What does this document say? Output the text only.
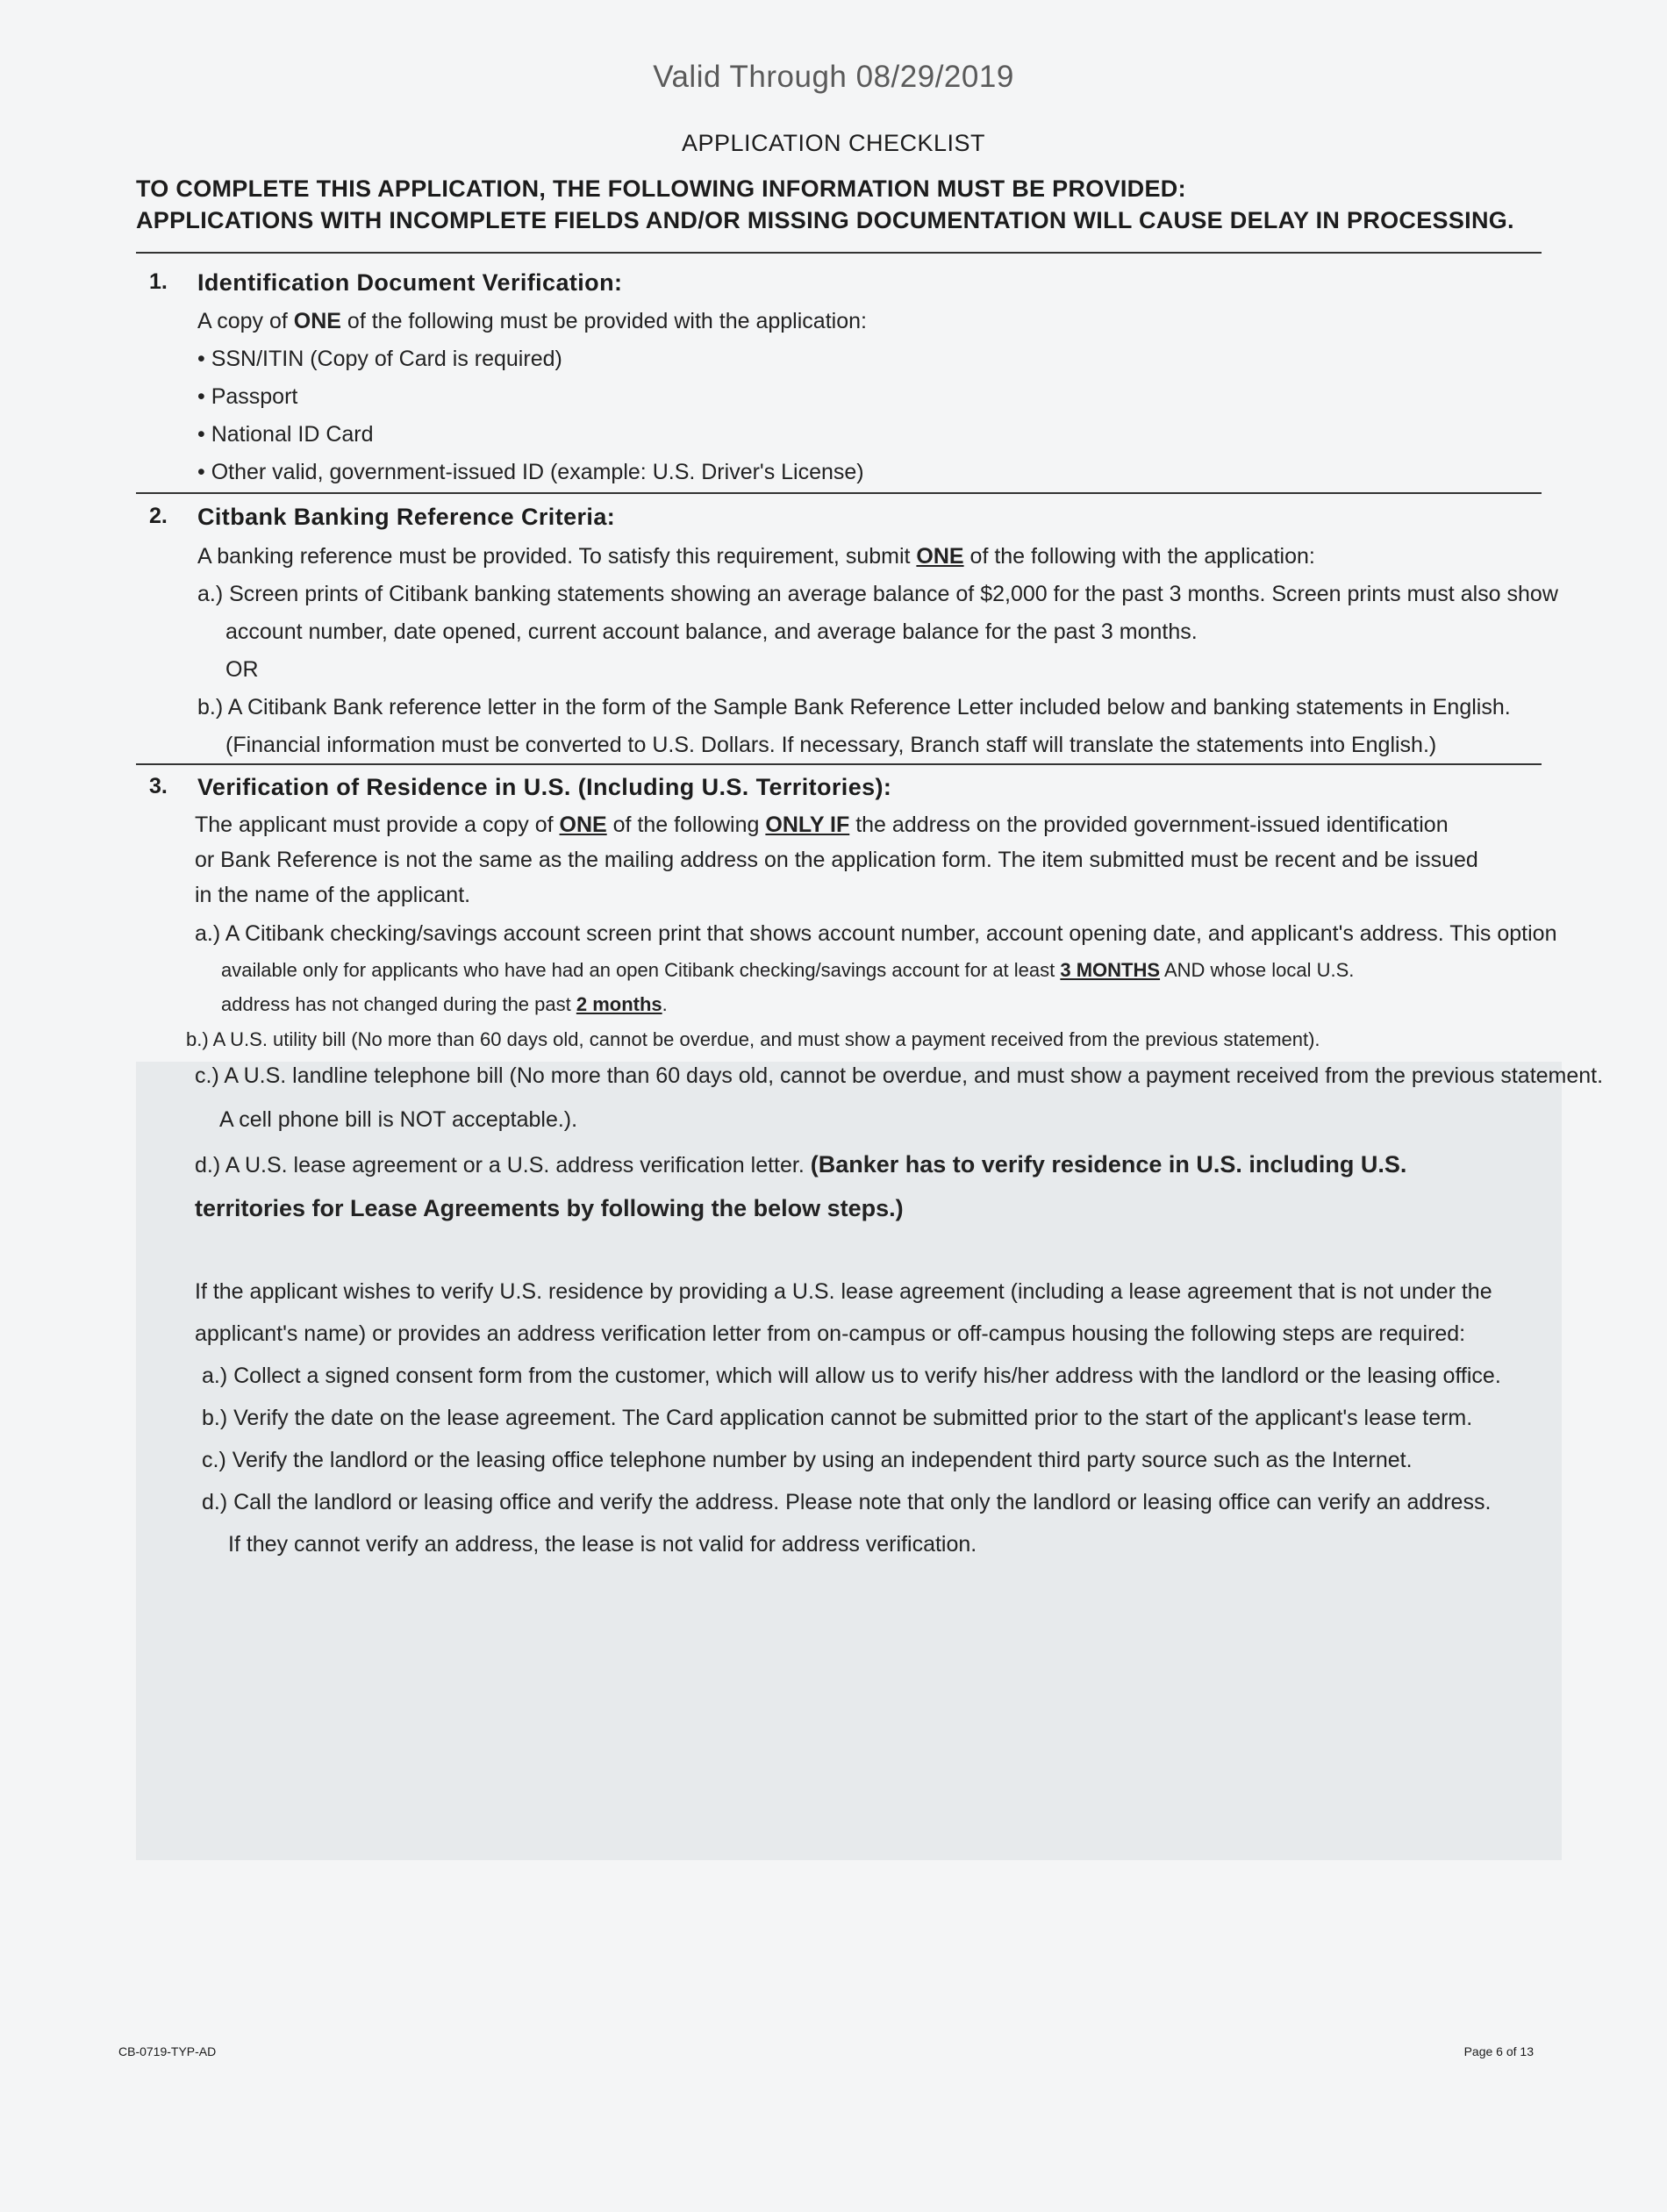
Valid Through 08/29/2019
APPLICATION CHECKLIST
TO COMPLETE THIS APPLICATION, THE FOLLOWING INFORMATION MUST BE PROVIDED:
APPLICATIONS WITH INCOMPLETE FIELDS AND/OR MISSING DOCUMENTATION WILL CAUSE DELAY IN PROCESSING.
1. Identification Document Verification:
A copy of ONE of the following must be provided with the application:
• SSN/ITIN (Copy of Card is required)
• Passport
• National ID Card
• Other valid, government-issued ID (example: U.S. Driver's License)
2. Citbank Banking Reference Criteria:
A banking reference must be provided. To satisfy this requirement, submit ONE of the following with the application:
a.) Screen prints of Citibank banking statements showing an average balance of $2,000 for the past 3 months. Screen prints must also show
account number, date opened, current account balance, and average balance for the past 3 months.
OR
b.) A Citibank Bank reference letter in the form of the Sample Bank Reference Letter included below and banking statements in English.
(Financial information must be converted to U.S. Dollars. If necessary, Branch staff will translate the statements into English.)
3. Verification of Residence in U.S. (Including U.S. Territories):
The applicant must provide a copy of ONE of the following ONLY IF the address on the provided government-issued identification
or Bank Reference is not the same as the mailing address on the application form. The item submitted must be recent and be issued
in the name of the applicant.
a.) A Citibank checking/savings account screen print that shows account number, account opening date, and applicant's address. This option
available only for applicants who have had an open Citibank checking/savings account for at least 3 MONTHS AND whose local U.S.
address has not changed during the past 2 months.
b.) A U.S. utility bill (No more than 60 days old, cannot be overdue, and must show a payment received from the previous statement).
c.) A U.S. landline telephone bill (No more than 60 days old, cannot be overdue, and must show a payment received from the previous statement.
A cell phone bill is NOT acceptable.).
d.) A U.S. lease agreement or a U.S. address verification letter. (Banker has to verify residence in U.S. including U.S.
territories for Lease Agreements by following the below steps.)
If the applicant wishes to verify U.S. residence by providing a U.S. lease agreement (including a lease agreement that is not under the
applicant's name) or provides an address verification letter from on-campus or off-campus housing the following steps are required:
a.) Collect a signed consent form from the customer, which will allow us to verify his/her address with the landlord or the leasing office.
b.) Verify the date on the lease agreement. The Card application cannot be submitted prior to the start of the applicant's lease term.
c.) Verify the landlord or the leasing office telephone number by using an independent third party source such as the Internet.
d.) Call the landlord or leasing office and verify the address. Please note that only the landlord or leasing office can verify an address.
If they cannot verify an address, the lease is not valid for address verification.
CB-0719-TYP-AD	Page 6 of 13
